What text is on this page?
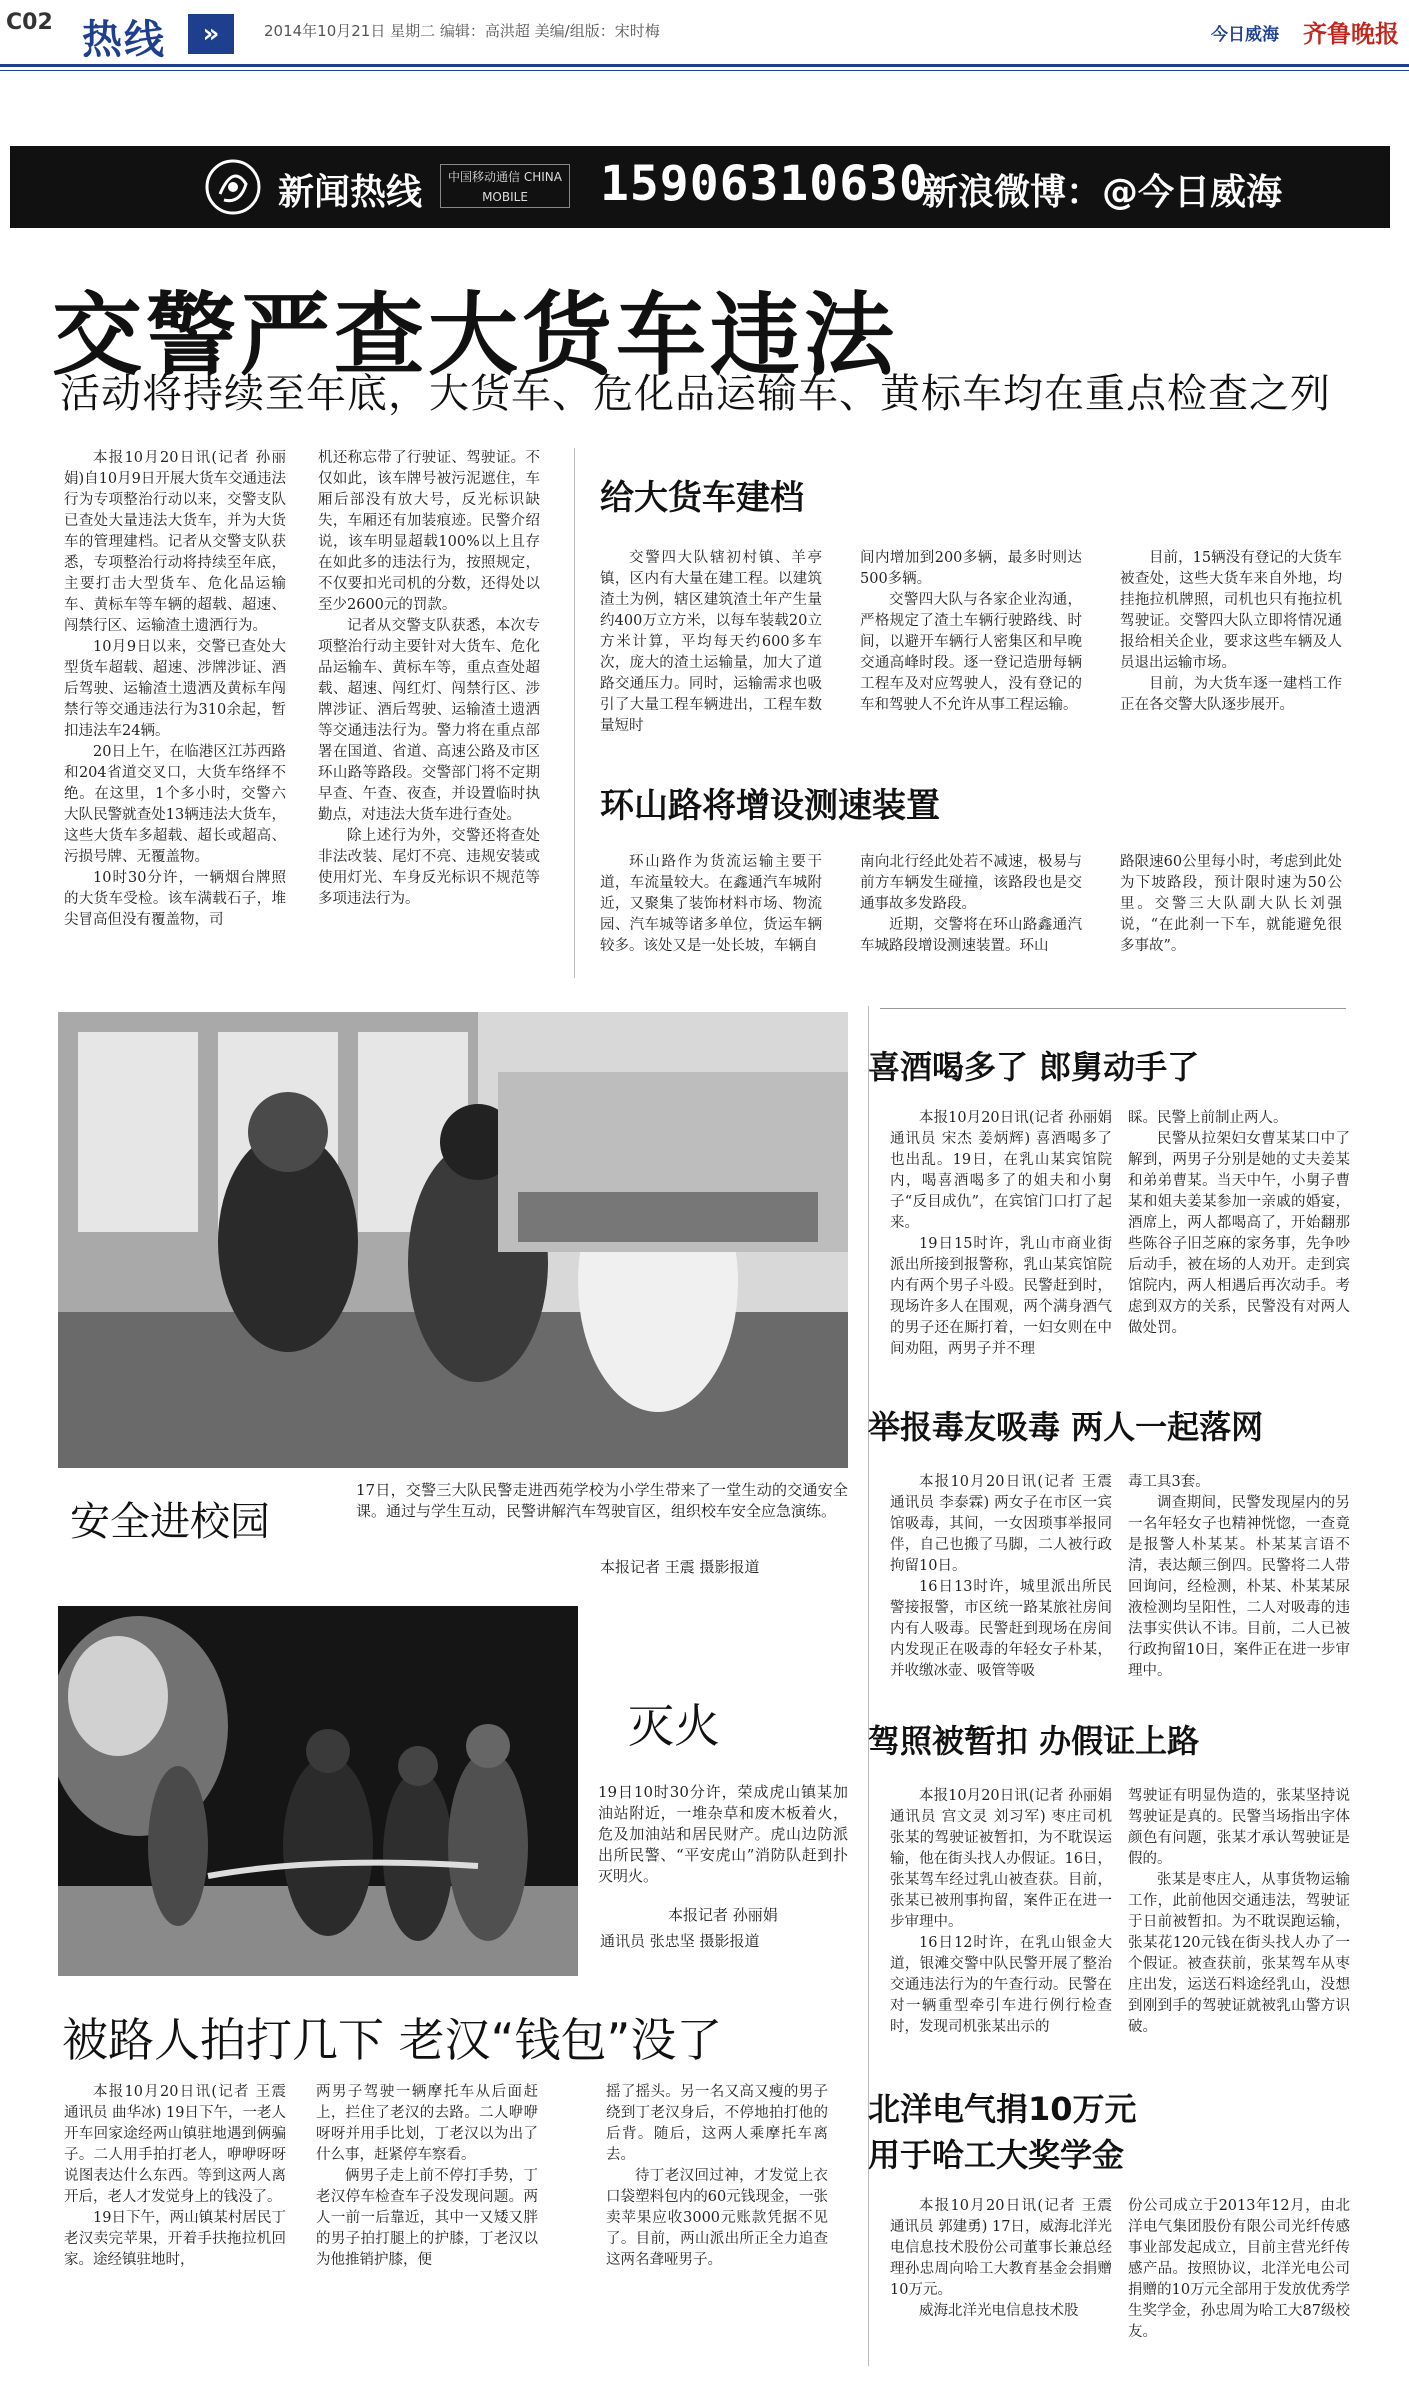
C02 热线	»	2014年10月21日 星期二 编辑：高洪超 美编/组版：宋时梅	今日威海 齐鲁晚报
新闻热线	中国移动通信 CHINA MOBILE	15906310630
新浪微博：@今日威海
交警严查大货车违法
活动将持续至年底，大货车、危化品运输车、黄标车均在重点检查之列

本报10月20日讯(记者 孙丽娟)自10月9日开展大货车交通违法行为专项整治行动以来，交警支队已查处大量违法大货车，并为大货车的管理建档。记者从交警支队获悉，专项整治行动将持续至年底，主要打击大型货车、危化品运输车、黄标车等车辆的超载、超速、闯禁行区、运输渣土遗洒行为。

10月9日以来，交警已查处大型货车超载、超速、涉牌涉证、酒后驾驶、运输渣土遗洒及黄标车闯禁行等交通违法行为310余起，暂扣违法车24辆。

20日上午，在临港区江苏西路和204省道交叉口，大货车络绎不绝。在这里，1个多小时，交警六大队民警就查处13辆违法大货车，这些大货车多超载、超长或超高、污损号牌、无覆盖物。

10时30分许，一辆烟台牌照的大货车受检。该车满载石子，堆尖冒高但没有覆盖物，司

机还称忘带了行驶证、驾驶证。不仅如此，该车牌号被污泥遮住，车厢后部没有放大号，反光标识缺失，车厢还有加装痕迹。民警介绍说，该车明显超载100%以上且存在如此多的违法行为，按照规定，不仅要扣光司机的分数，还得处以至少2600元的罚款。

记者从交警支队获悉，本次专项整治行动主要针对大货车、危化品运输车、黄标车等，重点查处超载、超速、闯红灯、闯禁行区、涉牌涉证、酒后驾驶、运输渣土遗洒等交通违法行为。警力将在重点部署在国道、省道、高速公路及市区环山路等路段。交警部门将不定期早查、午查、夜查，并设置临时执勤点，对违法大货车进行查处。

除上述行为外，交警还将查处非法改装、尾灯不亮、违规安装或使用灯光、车身反光标识不规范等多项违法行为。

给大货车建档

交警四大队辖初村镇、羊亭镇，区内有大量在建工程。以建筑渣土为例，辖区建筑渣土年产生量约400万立方米，以每车装载20立方米计算，平均每天约600多车次，庞大的渣土运输量，加大了道路交通压力。同时，运输需求也吸引了大量工程车辆进出，工程车数量短时

间内增加到200多辆，最多时则达500多辆。

交警四大队与各家企业沟通，严格规定了渣土车辆行驶路线、时间，以避开车辆行人密集区和早晚交通高峰时段。逐一登记造册每辆工程车及对应驾驶人，没有登记的车和驾驶人不允许从事工程运输。

目前，15辆没有登记的大货车被查处，这些大货车来自外地，均挂拖拉机牌照，司机也只有拖拉机驾驶证。交警四大队立即将情况通报给相关企业，要求这些车辆及人员退出运输市场。

目前，为大货车逐一建档工作正在各交警大队逐步展开。

环山路将增设测速装置

环山路作为货流运输主要干道，车流量较大。在鑫通汽车城附近，又聚集了装饰材料市场、物流园、汽车城等诸多单位，货运车辆较多。该处又是一处长坡，车辆自

南向北行经此处若不减速，极易与前方车辆发生碰撞，该路段也是交通事故多发路段。

近期，交警将在环山路鑫通汽车城路段增设测速装置。环山

路限速60公里每小时，考虑到此处为下坡路段，预计限时速为50公里。交警三大队副大队长刘强说，“在此刹一下车，就能避免很多事故”。

安全进校园
17日，交警三大队民警走进西苑学校为小学生带来了一堂生动的交通安全课。通过与学生互动，民警讲解汽车驾驶盲区，组织校车安全应急演练。
本报记者 王震 摄影报道
灭火
19日10时30分许，荣成虎山镇某加油站附近，一堆杂草和废木板着火，危及加油站和居民财产。虎山边防派出所民警、“平安虎山”消防队赶到扑灭明火。
本报记者 孙丽娟
通讯员 张忠坚 摄影报道
喜酒喝多了 郎舅动手了

本报10月20日讯(记者 孙丽娟 通讯员 宋杰 姜炳辉) 喜酒喝多了也出乱。19日，在乳山某宾馆院内，喝喜酒喝多了的姐夫和小舅子“反目成仇”，在宾馆门口打了起来。

19日15时许，乳山市商业街派出所接到报警称，乳山某宾馆院内有两个男子斗殴。民警赶到时，现场许多人在围观，两个满身酒气的男子还在厮打着，一妇女则在中间劝阻，两男子并不理

睬。民警上前制止两人。

民警从拉架妇女曹某某口中了解到，两男子分别是她的丈夫姜某和弟弟曹某。当天中午，小舅子曹某和姐夫姜某参加一亲戚的婚宴，酒席上，两人都喝高了，开始翻那些陈谷子旧芝麻的家务事，先争吵后动手，被在场的人劝开。走到宾馆院内，两人相遇后再次动手。考虑到双方的关系，民警没有对两人做处罚。

举报毒友吸毒 两人一起落网

本报10月20日讯(记者 王震 通讯员 李泰霖) 两女子在市区一宾馆吸毒，其间，一女因琐事举报同伴，自己也搬了马脚，二人被行政拘留10日。

16日13时许，城里派出所民警接报警，市区统一路某旅社房间内有人吸毒。民警赶到现场在房间内发现正在吸毒的年轻女子朴某，并收缴冰壶、吸管等吸

毒工具3套。

调查期间，民警发现屋内的另一名年轻女子也精神恍惚，一查竟是报警人朴某某。朴某某言语不清，表达颠三倒四。民警将二人带回询问，经检测，朴某、朴某某尿液检测均呈阳性，二人对吸毒的违法事实供认不讳。目前，二人已被行政拘留10日，案件正在进一步审理中。

驾照被暂扣 办假证上路

本报10月20日讯(记者 孙丽娟 通讯员 宫文灵 刘习军) 枣庄司机张某的驾驶证被暂扣，为不耽误运输，他在街头找人办假证。16日，张某驾车经过乳山被查获。目前，张某已被刑事拘留，案件正在进一步审理中。

16日12时许，在乳山银金大道，银滩交警中队民警开展了整治交通违法行为的午查行动。民警在对一辆重型牵引车进行例行检查时，发现司机张某出示的

驾驶证有明显伪造的，张某坚持说驾驶证是真的。民警当场指出字体颜色有问题，张某才承认驾驶证是假的。

张某是枣庄人，从事货物运输工作，此前他因交通违法，驾驶证于日前被暂扣。为不耽误跑运输，张某花120元钱在街头找人办了一个假证。被查获前，张某驾车从枣庄出发，运送石料途经乳山，没想到刚到手的驾驶证就被乳山警方识破。

被路人拍打几下 老汉“钱包”没了

本报10月20日讯(记者 王震 通讯员 曲华冰) 19日下午，一老人开车回家途经两山镇驻地遇到俩骗子。二人用手拍打老人，咿咿呀呀说图表达什么东西。等到这两人离开后，老人才发觉身上的钱没了。

19日下午，两山镇某村居民丁老汉卖完苹果，开着手扶拖拉机回家。途经镇驻地时，

两男子驾驶一辆摩托车从后面赶上，拦住了老汉的去路。二人咿咿呀呀并用手比划，丁老汉以为出了什么事，赶紧停车察看。

俩男子走上前不停打手势，丁老汉停车检查车子没发现问题。两人一前一后靠近，其中一又矮又胖的男子拍打腿上的护膝，丁老汉以为他推销护膝，便

摇了摇头。另一名又高又瘦的男子绕到丁老汉身后，不停地拍打他的后背。随后，这两人乘摩托车离去。

待丁老汉回过神，才发觉上衣口袋塑料包内的60元钱现金，一张卖苹果应收3000元账款凭据不见了。目前，两山派出所正全力追查这两名聋哑男子。

北洋电气捐10万元
用于哈工大奖学金

本报10月20日讯(记者 王震 通讯员 郭建勇) 17日，威海北洋光电信息技术股份公司董事长兼总经理孙忠周向哈工大教育基金会捐赠10万元。

威海北洋光电信息技术股

份公司成立于2013年12月，由北洋电气集团股份有限公司光纤传感事业部发起成立，目前主营光纤传感产品。按照协议，北洋光电公司捐赠的10万元全部用于发放优秀学生奖学金，孙忠周为哈工大87级校友。
